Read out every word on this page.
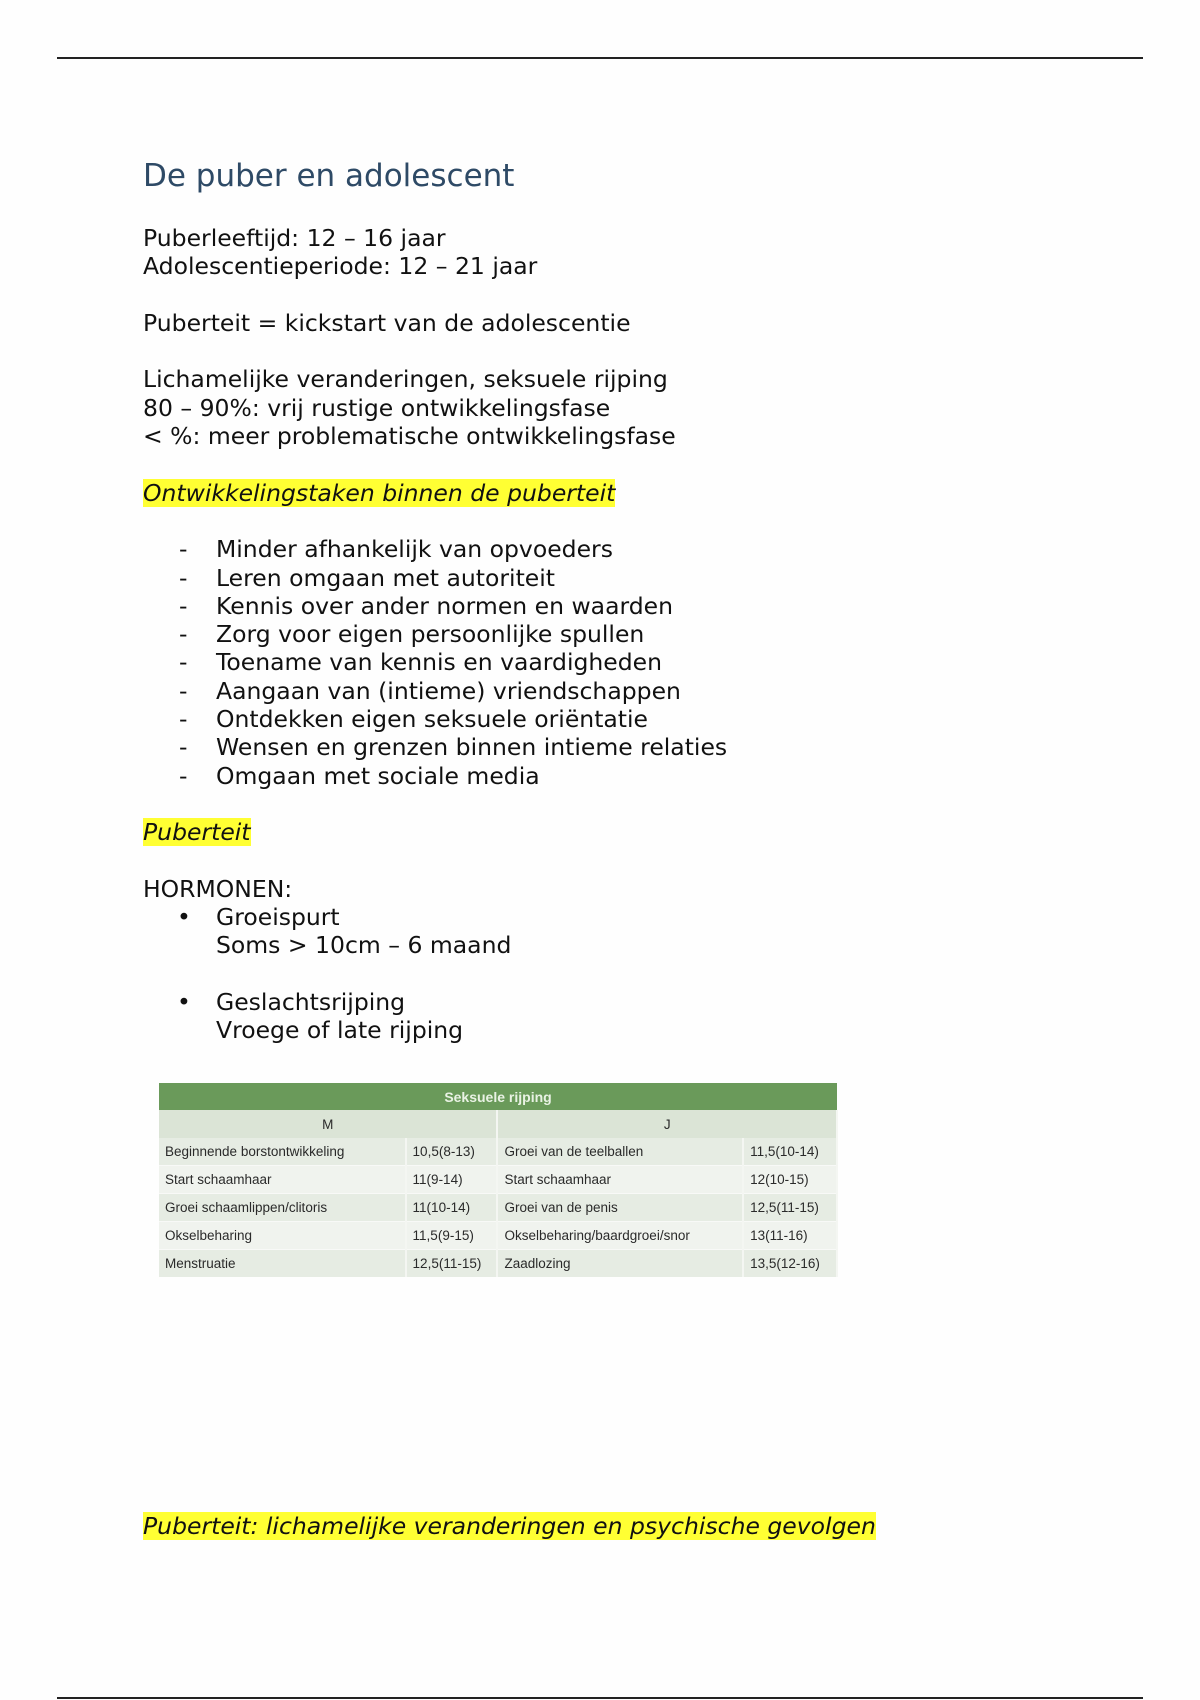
De puber en adolescent

Puberleeftijd: 12 – 16 jaar

Adolescentieperiode: 12 – 21 jaar

Puberteit = kickstart van de adolescentie

Lichamelijke veranderingen, seksuele rijping

80 – 90%: vrij rustige ontwikkelingsfase

< %: meer problematische ontwikkelingsfase

Ontwikkelingstaken binnen de puberteit

- Minder afhankelijk van opvoeders
- Leren omgaan met autoriteit
- Kennis over ander normen en waarden
- Zorg voor eigen persoonlijke spullen
- Toename van kennis en vaardigheden
- Aangaan van (intieme) vriendschappen
- Ontdekken eigen seksuele oriëntatie
- Wensen en grenzen binnen intieme relaties
- Omgaan met sociale media

Puberteit

HORMONEN:

• Groeispurt
Soms > 10cm – 6 maand
• Geslachtsrijping
Vroege of late rijping
Seksuele rijping			
M		J	
Beginnende borstontwikkeling	10,5(8-13)	Groei van de teelballen	11,5(10-14)
Start schaamhaar	11(9-14)	Start schaamhaar	12(10-15)
Groei schaamlippen/clitoris	11(10-14)	Groei van de penis	12,5(11-15)
Okselbeharing	11,5(9-15)	Okselbeharing/baardgroei/snor	13(11-16)
Menstruatie	12,5(11-15)	Zaadlozing	13,5(12-16)

Puberteit: lichamelijke veranderingen en psychische gevolgen
